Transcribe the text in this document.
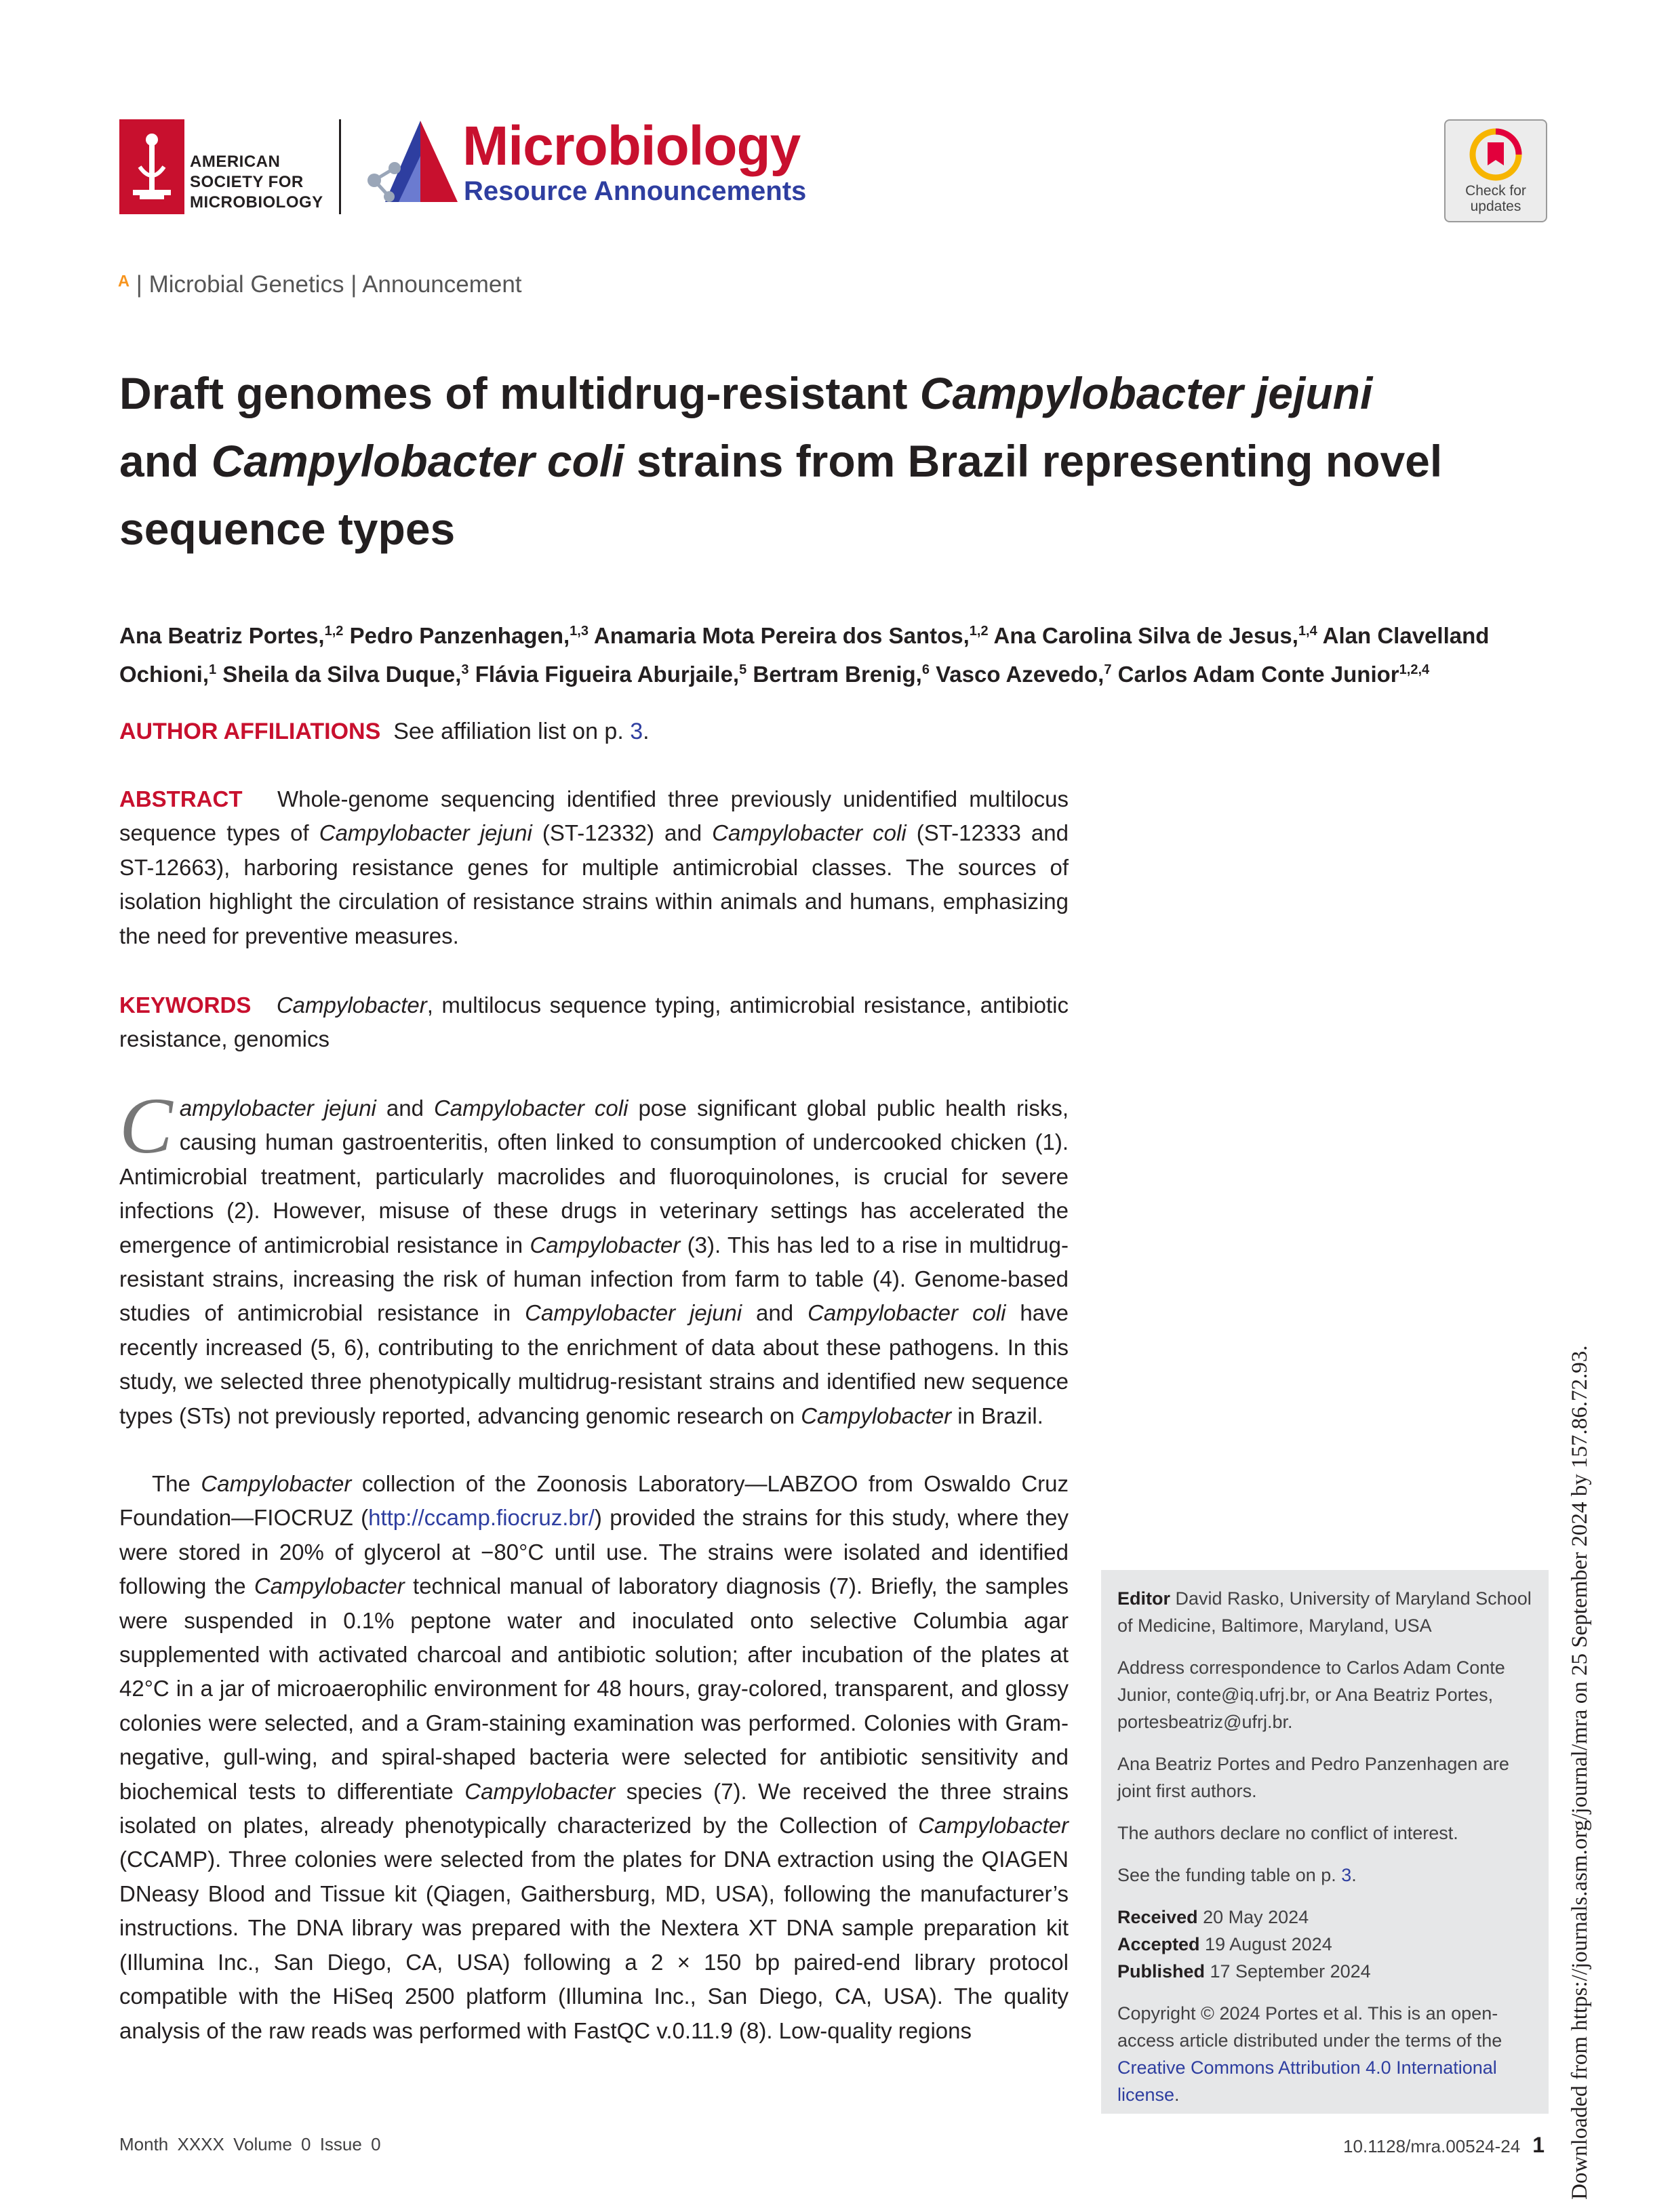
AMERICAN
SOCIETY FOR
MICROBIOLOGY
Microbiology
Resource Announcements	Check for updates
ᴬ | Microbial Genetics | Announcement
Draft genomes of multidrug-resistant Campylobacter jejuni
and Campylobacter coli strains from Brazil representing novel sequence types
Ana Beatriz Portes,$^{1,2}$ Pedro Panzenhagen,$^{1,3}$ Anamaria Mota Pereira dos Santos,$^{1,2}$ Ana Carolina Silva de Jesus,$^{1,4}$ Alan Clavelland Ochioni,$^1$ Sheila da Silva Duque,$^3$ Flávia Figueira Aburjaile,$^5$ Bertram Brenig,$^6$ Vasco Azevedo,$^7$ Carlos Adam Conte Junior$^{1,2,4}$
AUTHOR AFFILIATIONS See affiliation list on p. 3.
ABSTRACT Whole-genome sequencing identified three previously unidentified multilocus sequence types of Campylobacter jejuni (ST-12332) and Campylobacter coli (ST-12333 and ST-12663), harboring resistance genes for multiple antimicrobial classes. The sources of isolation highlight the circulation of resistance strains within animals and humans, emphasizing the need for preventive measures.
KEYWORDS Campylobacter, multilocus sequence typing, antimicrobial resistance, antibiotic resistance, genomics
Campylobacter jejuni and Campylobacter coli pose significant global public health risks, causing human gastroenteritis, often linked to consumption of undercooked chicken (1). Antimicrobial treatment, particularly macrolides and fluoroquinolones, is crucial for severe infections (2). However, misuse of these drugs in veterinary settings has accelerated the emergence of antimicrobial resistance in Campylobacter (3). This has led to a rise in multidrug-resistant strains, increasing the risk of human infection from farm to table (4). Genome-based studies of antimicrobial resistance in Campylobacter jejuni and Campylobacter coli have recently increased (5, 6), contributing to the enrichment of data about these pathogens. In this study, we selected three phenotypically multidrug-resistant strains and identified new sequence types (STs) not previously reported, advancing genomic research on Campylobacter in Brazil.
The Campylobacter collection of the Zoonosis Laboratory—LABZOO from Oswaldo Cruz Foundation—FIOCRUZ (http://ccamp.fiocruz.br/) provided the strains for this study, where they were stored in 20% of glycerol at −80°C until use. The strains were isolated and identified following the Campylobacter technical manual of laboratory diagnosis (7). Briefly, the samples were suspended in 0.1% peptone water and inoculated onto selective Columbia agar supplemented with activated charcoal and antibiotic solution; after incubation of the plates at 42°C in a jar of microaerophilic environment for 48 hours, gray-colored, transparent, and glossy colonies were selected, and a Gram-staining examination was performed. Colonies with Gram-negative, gull-wing, and spiral-shaped bacteria were selected for antibiotic sensitivity and biochemical tests to differentiate Campylobacter species (7). We received the three strains isolated on plates, already phenotypically characterized by the Collection of Campylobacter (CCAMP). Three colonies were selected from the plates for DNA extraction using the QIAGEN DNeasy Blood and Tissue kit (Qiagen, Gaithersburg, MD, USA), following the manufacturer’s instructions. The DNA library was prepared with the Nextera XT DNA sample preparation kit (Illumina Inc., San Diego, CA, USA) following a 2 × 150 bp paired-end library protocol compatible with the HiSeq 2500 platform (Illumina Inc., San Diego, CA, USA). The quality analysis of the raw reads was performed with FastQC v.0.11.9 (8). Low-quality regions

Editor David Rasko, University of Maryland School of Medicine, Baltimore, Maryland, USA

Address correspondence to Carlos Adam Conte Junior, conte@iq.ufrj.br, or Ana Beatriz Portes, portesbeatriz@ufrj.br.

Ana Beatriz Portes and Pedro Panzenhagen are joint first authors.

The authors declare no conflict of interest.

See the funding table on p. 3.

Received 20 May 2024
Accepted 19 August 2024
Published 17 September 2024

Copyright © 2024 Portes et al. This is an open-access article distributed under the terms of the Creative Commons Attribution 4.0 International license.

Month XXXX Volume 0 Issue 0	10.1128/mra.00524-24 1 Downloaded from https://journals.asm.org/journal/mra on 25 September 2024 by 157.86.72.93.
